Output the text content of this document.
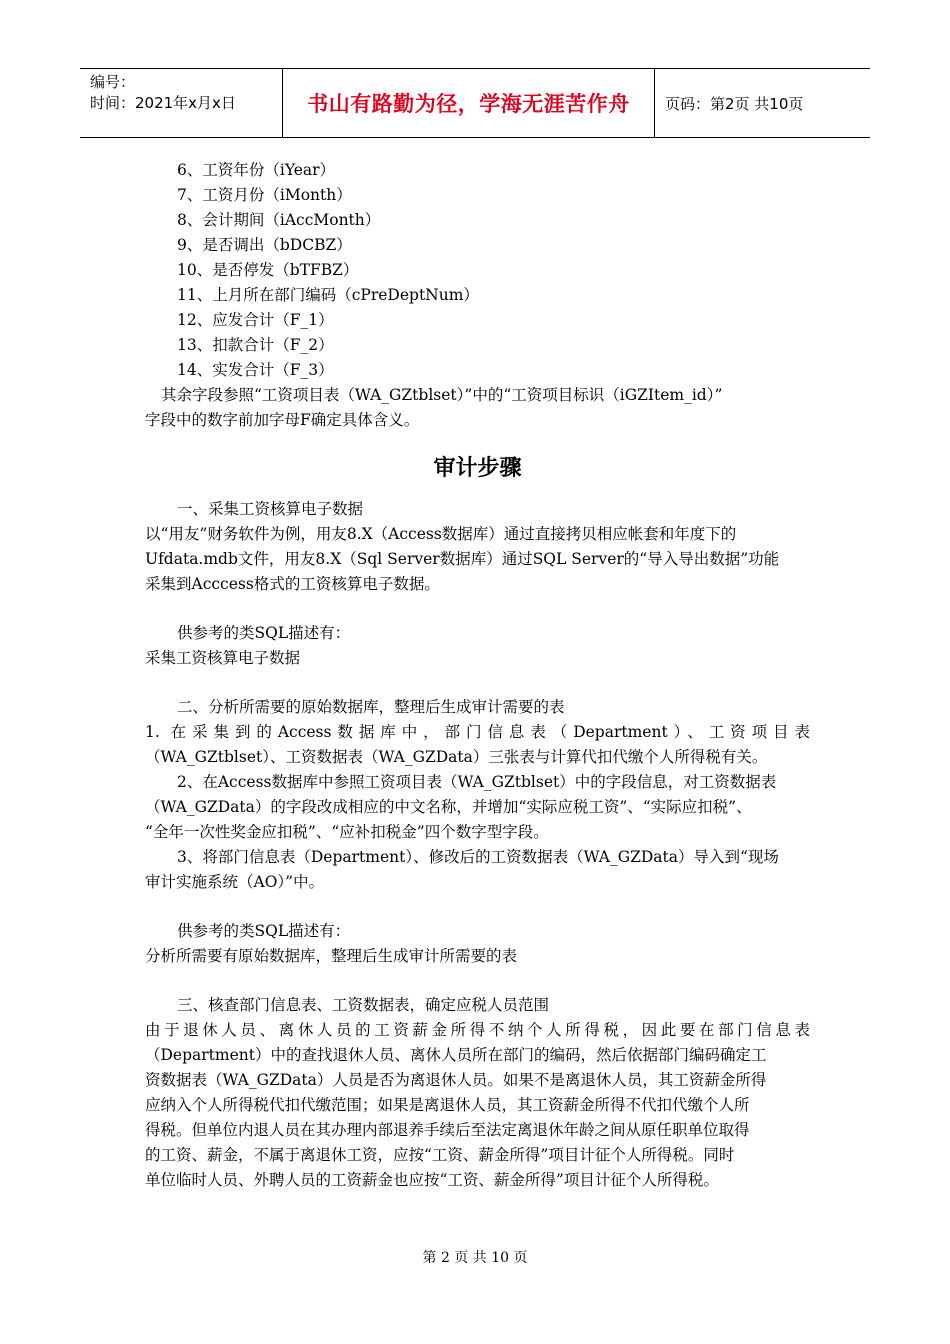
编号：
时间：2021年x月x日	书山有路勤为径，学海无涯苦作舟 页码：第2页 共10页
6、工资年份（iYear）
7、工资月份（iMonth）
8、会计期间（iAccMonth）
9、是否调出（bDCBZ）
10、是否停发（bTFBZ）
11、上月所在部门编码（cPreDeptNum）
12、应发合计（F_1）
13、扣款合计（F_2）
14、实发合计（F_3）
其余字段参照“工资项目表（WA_GZtblset）”中的“工资项目标识（iGZItem_id）”
字段中的数字前加字母F确定具体含义。
审计步骤
一、采集工资核算电子数据
以“用友”财务软件为例，用友8.X（Access数据库）通过直接拷贝相应帐套和年度下的
Ufdata.mdb文件，用友8.X（Sql Server数据库）通过SQL Server的“导入导出数据”功能
采集到Acccess格式的工资核算电子数据。
供参考的类SQL描述有：
采集工资核算电子数据
二、分析所需要的原始数据库，整理后生成审计需要的表
1. 在采集到的Access数据库中，部门信息表（Department）、工资项目表
（WA_GZtblset）、工资数据表（WA_GZData）三张表与计算代扣代缴个人所得税有关。
2、在Access数据库中参照工资项目表（WA_GZtblset）中的字段信息，对工资数据表
（WA_GZData）的字段改成相应的中文名称，并增加“实际应税工资”、“实际应扣税”、
“全年一次性奖金应扣税”、“应补扣税金”四个数字型字段。
3、将部门信息表（Department）、修改后的工资数据表（WA_GZData）导入到“现场
审计实施系统（AO）”中。
供参考的类SQL描述有：
分析所需要有原始数据库，整理后生成审计所需要的表
三、核查部门信息表、工资数据表，确定应税人员范围
由于退休人员、离休人员的工资薪金所得不纳个人所得税，因此要在部门信息表
（Department）中的查找退休人员、离休人员所在部门的编码，然后依据部门编码确定工
资数据表（WA_GZData）人员是否为离退休人员。如果不是离退休人员，其工资薪金所得
应纳入个人所得税代扣代缴范围；如果是离退休人员，其工资薪金所得不代扣代缴个人所
得税。但单位内退人员在其办理内部退养手续后至法定离退休年龄之间从原任职单位取得
的工资、薪金，不属于离退休工资，应按“工资、薪金所得”项目计征个人所得税。同时
单位临时人员、外聘人员的工资薪金也应按“工资、薪金所得”项目计征个人所得税。
第 2 页 共 10 页
